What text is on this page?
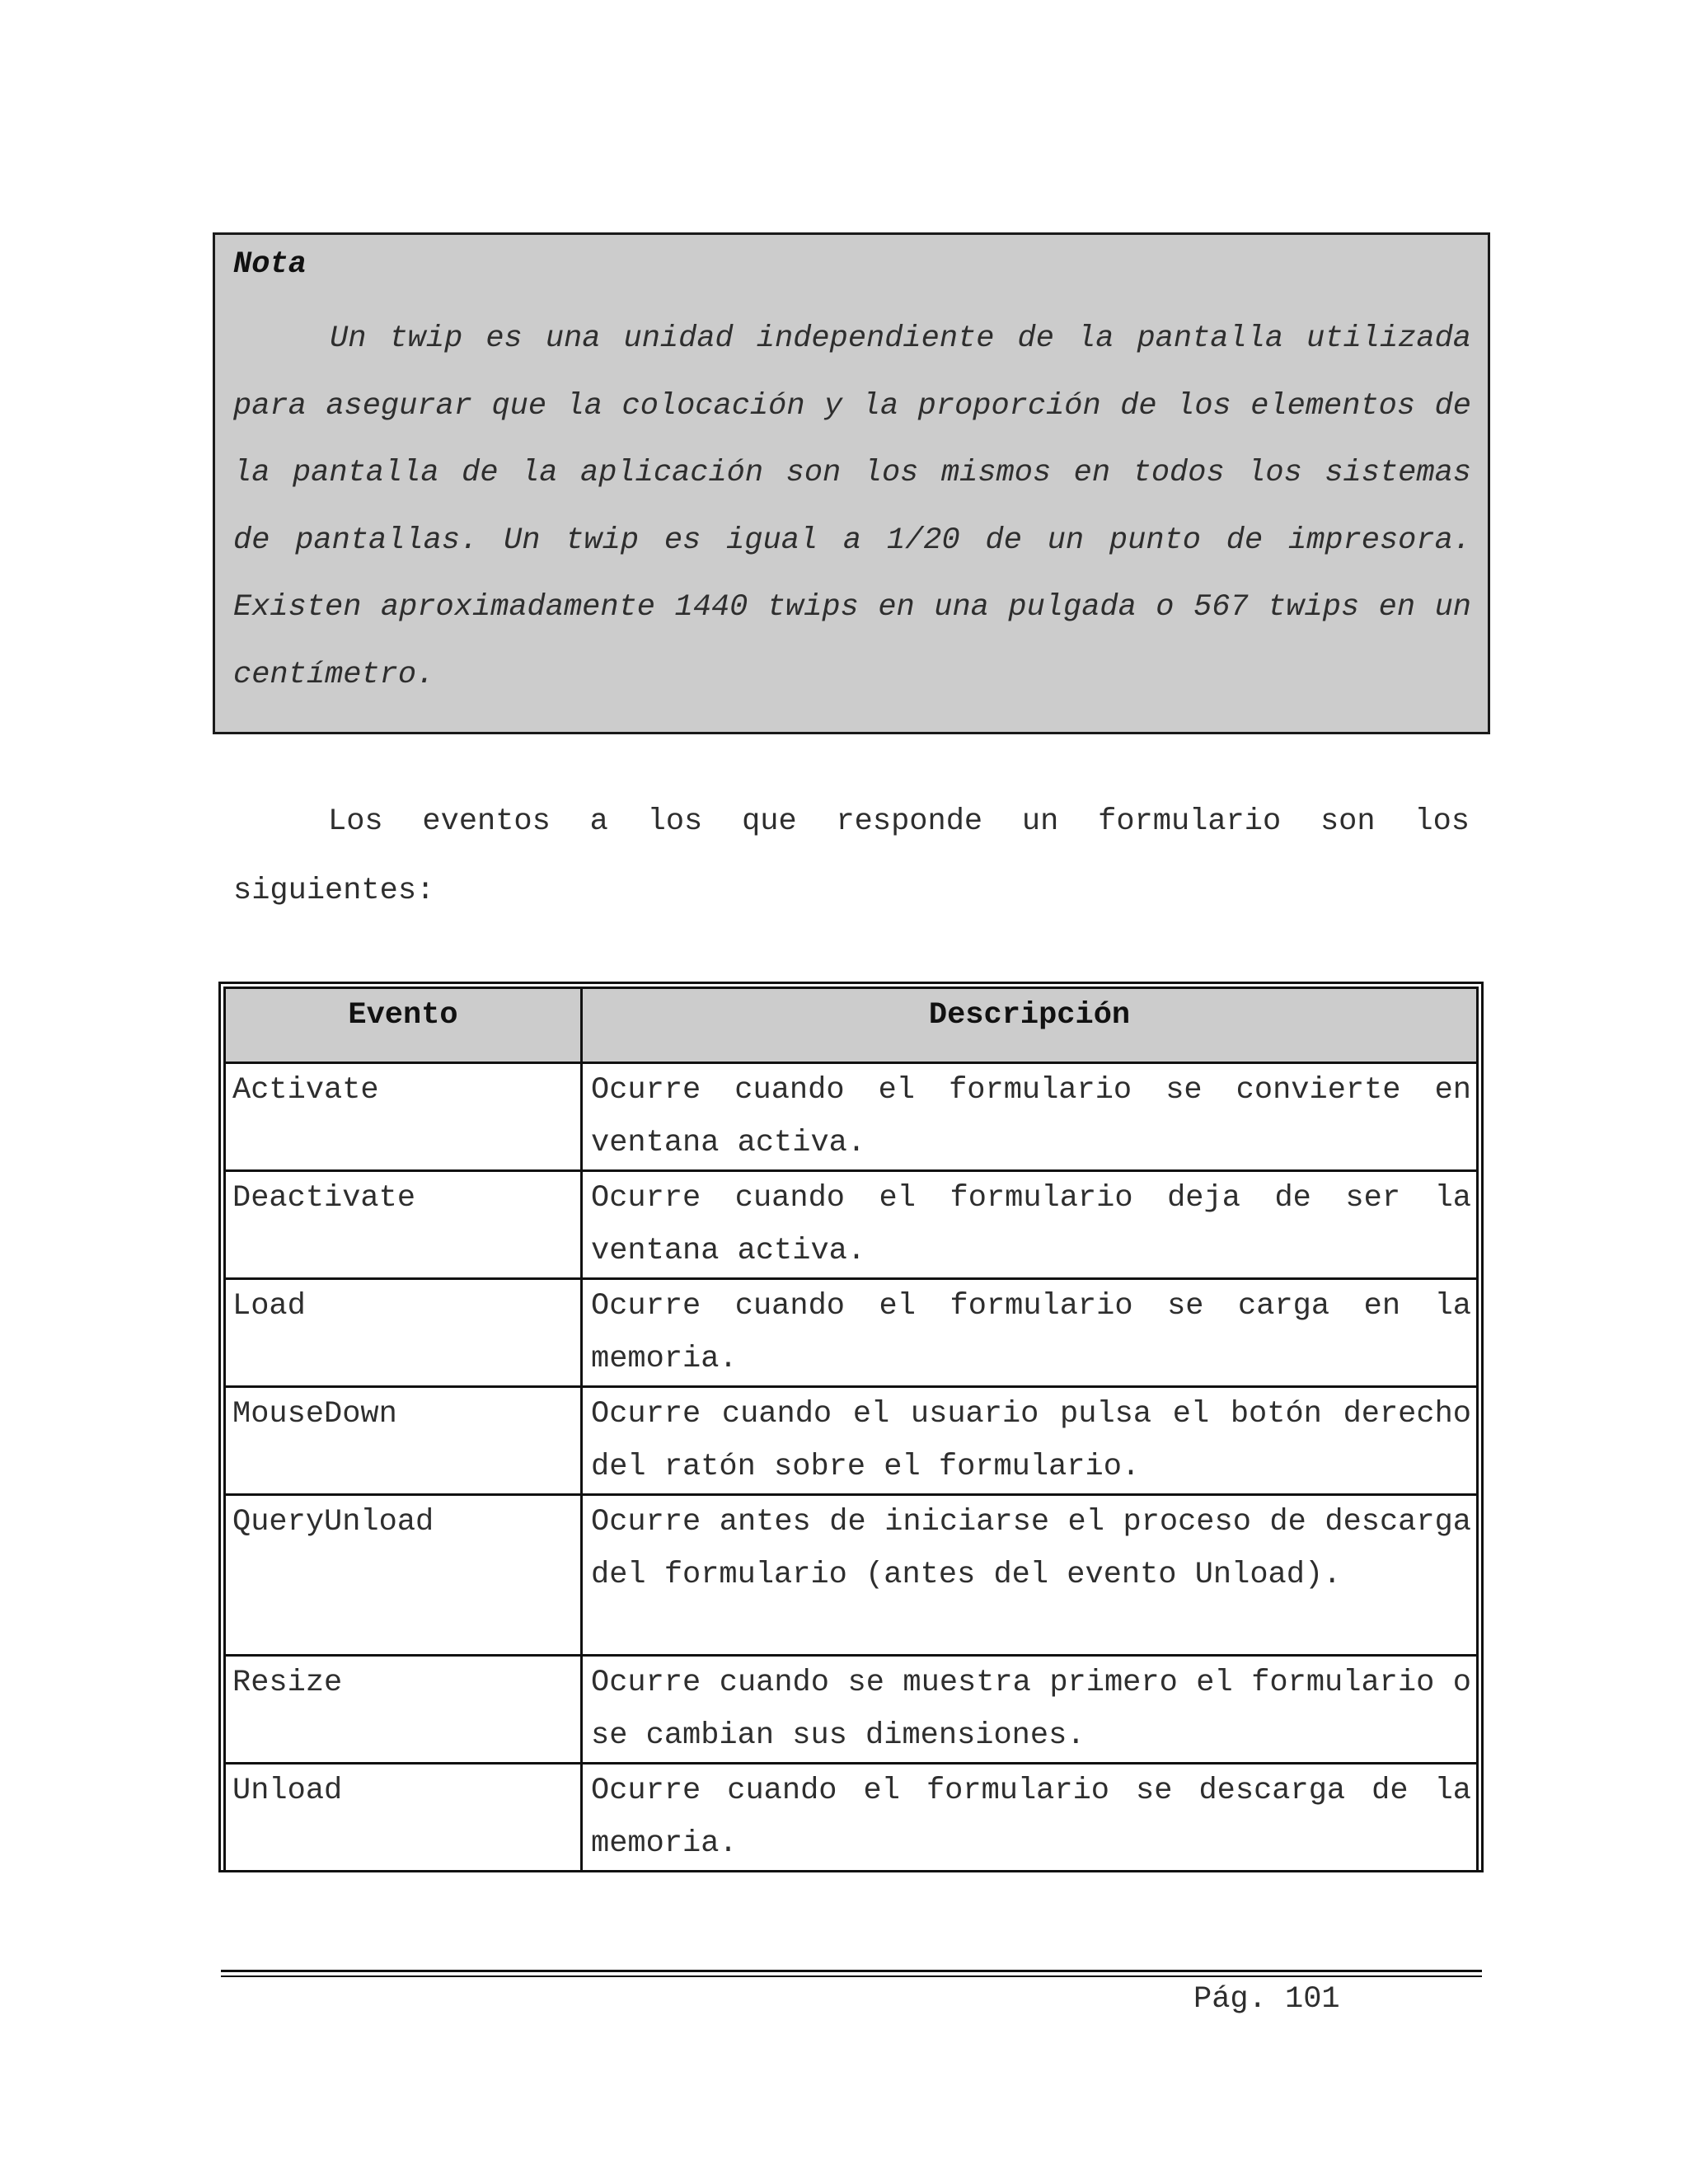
Nota

Un twip es una unidad independiente de la pantalla utilizada para asegurar que la colocación y la proporción de los elementos de la pantalla de la aplicación son los mismos en todos los sistemas de pantallas. Un twip es igual a 1/20 de un punto de impresora. Existen aproximadamente 1440 twips en una pulgada o 567 twips en un centímetro.

Los eventos a los que responde un formulario son los siguientes:

Evento	Descripción
Activate	Ocurre cuando el formulario se convierte en ventana activa.
Deactivate	Ocurre cuando el formulario deja de ser la ventana activa.
Load	Ocurre cuando el formulario se carga en la memoria.
MouseDown	Ocurre cuando el usuario pulsa el botón derecho del ratón sobre el formulario.
QueryUnload	Ocurre antes de iniciarse el proceso de descarga del formulario (antes del evento Unload).
Resize	Ocurre cuando se muestra primero el formulario o se cambian sus dimensiones.
Unload	Ocurre cuando el formulario se descarga de la memoria.
Pág. 101
